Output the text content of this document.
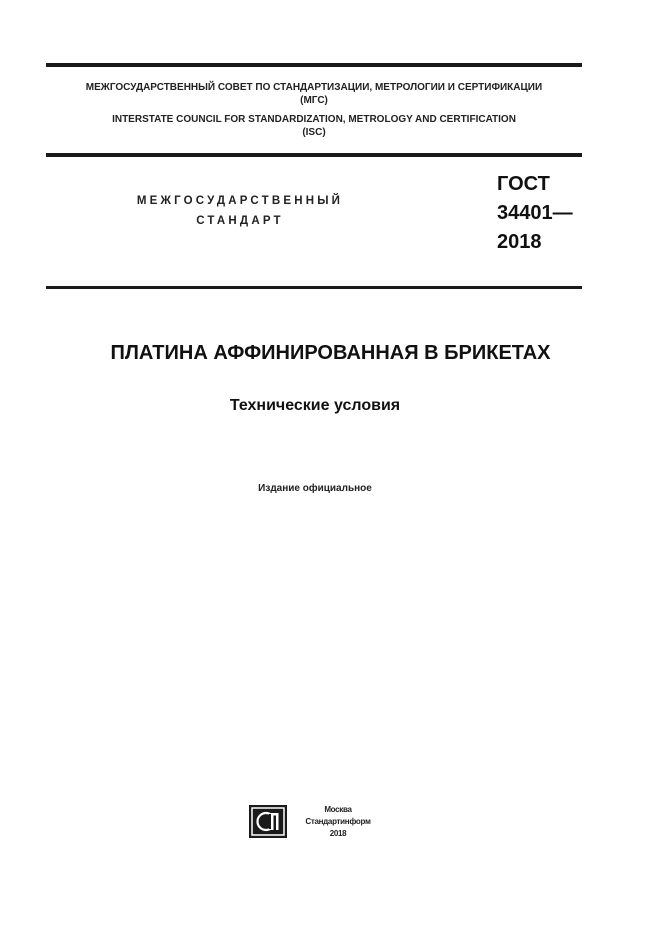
МЕЖГОСУДАРСТВЕННЫЙ СОВЕТ ПО СТАНДАРТИЗАЦИИ, МЕТРОЛОГИИ И СЕРТИФИКАЦИИ
(МГС)
INTERSTATE COUNCIL FOR STANDARDIZATION, METROLOGY AND CERTIFICATION
(ISC)
МЕЖГОСУДАРСТВЕННЫЙ
СТАНДАРТ
ГОСТ
34401—
2018
ПЛАТИНА АФФИНИРОВАННАЯ В БРИКЕТАХ
Технические условия
Издание официальное
Москва
Стандартинформ
2018
